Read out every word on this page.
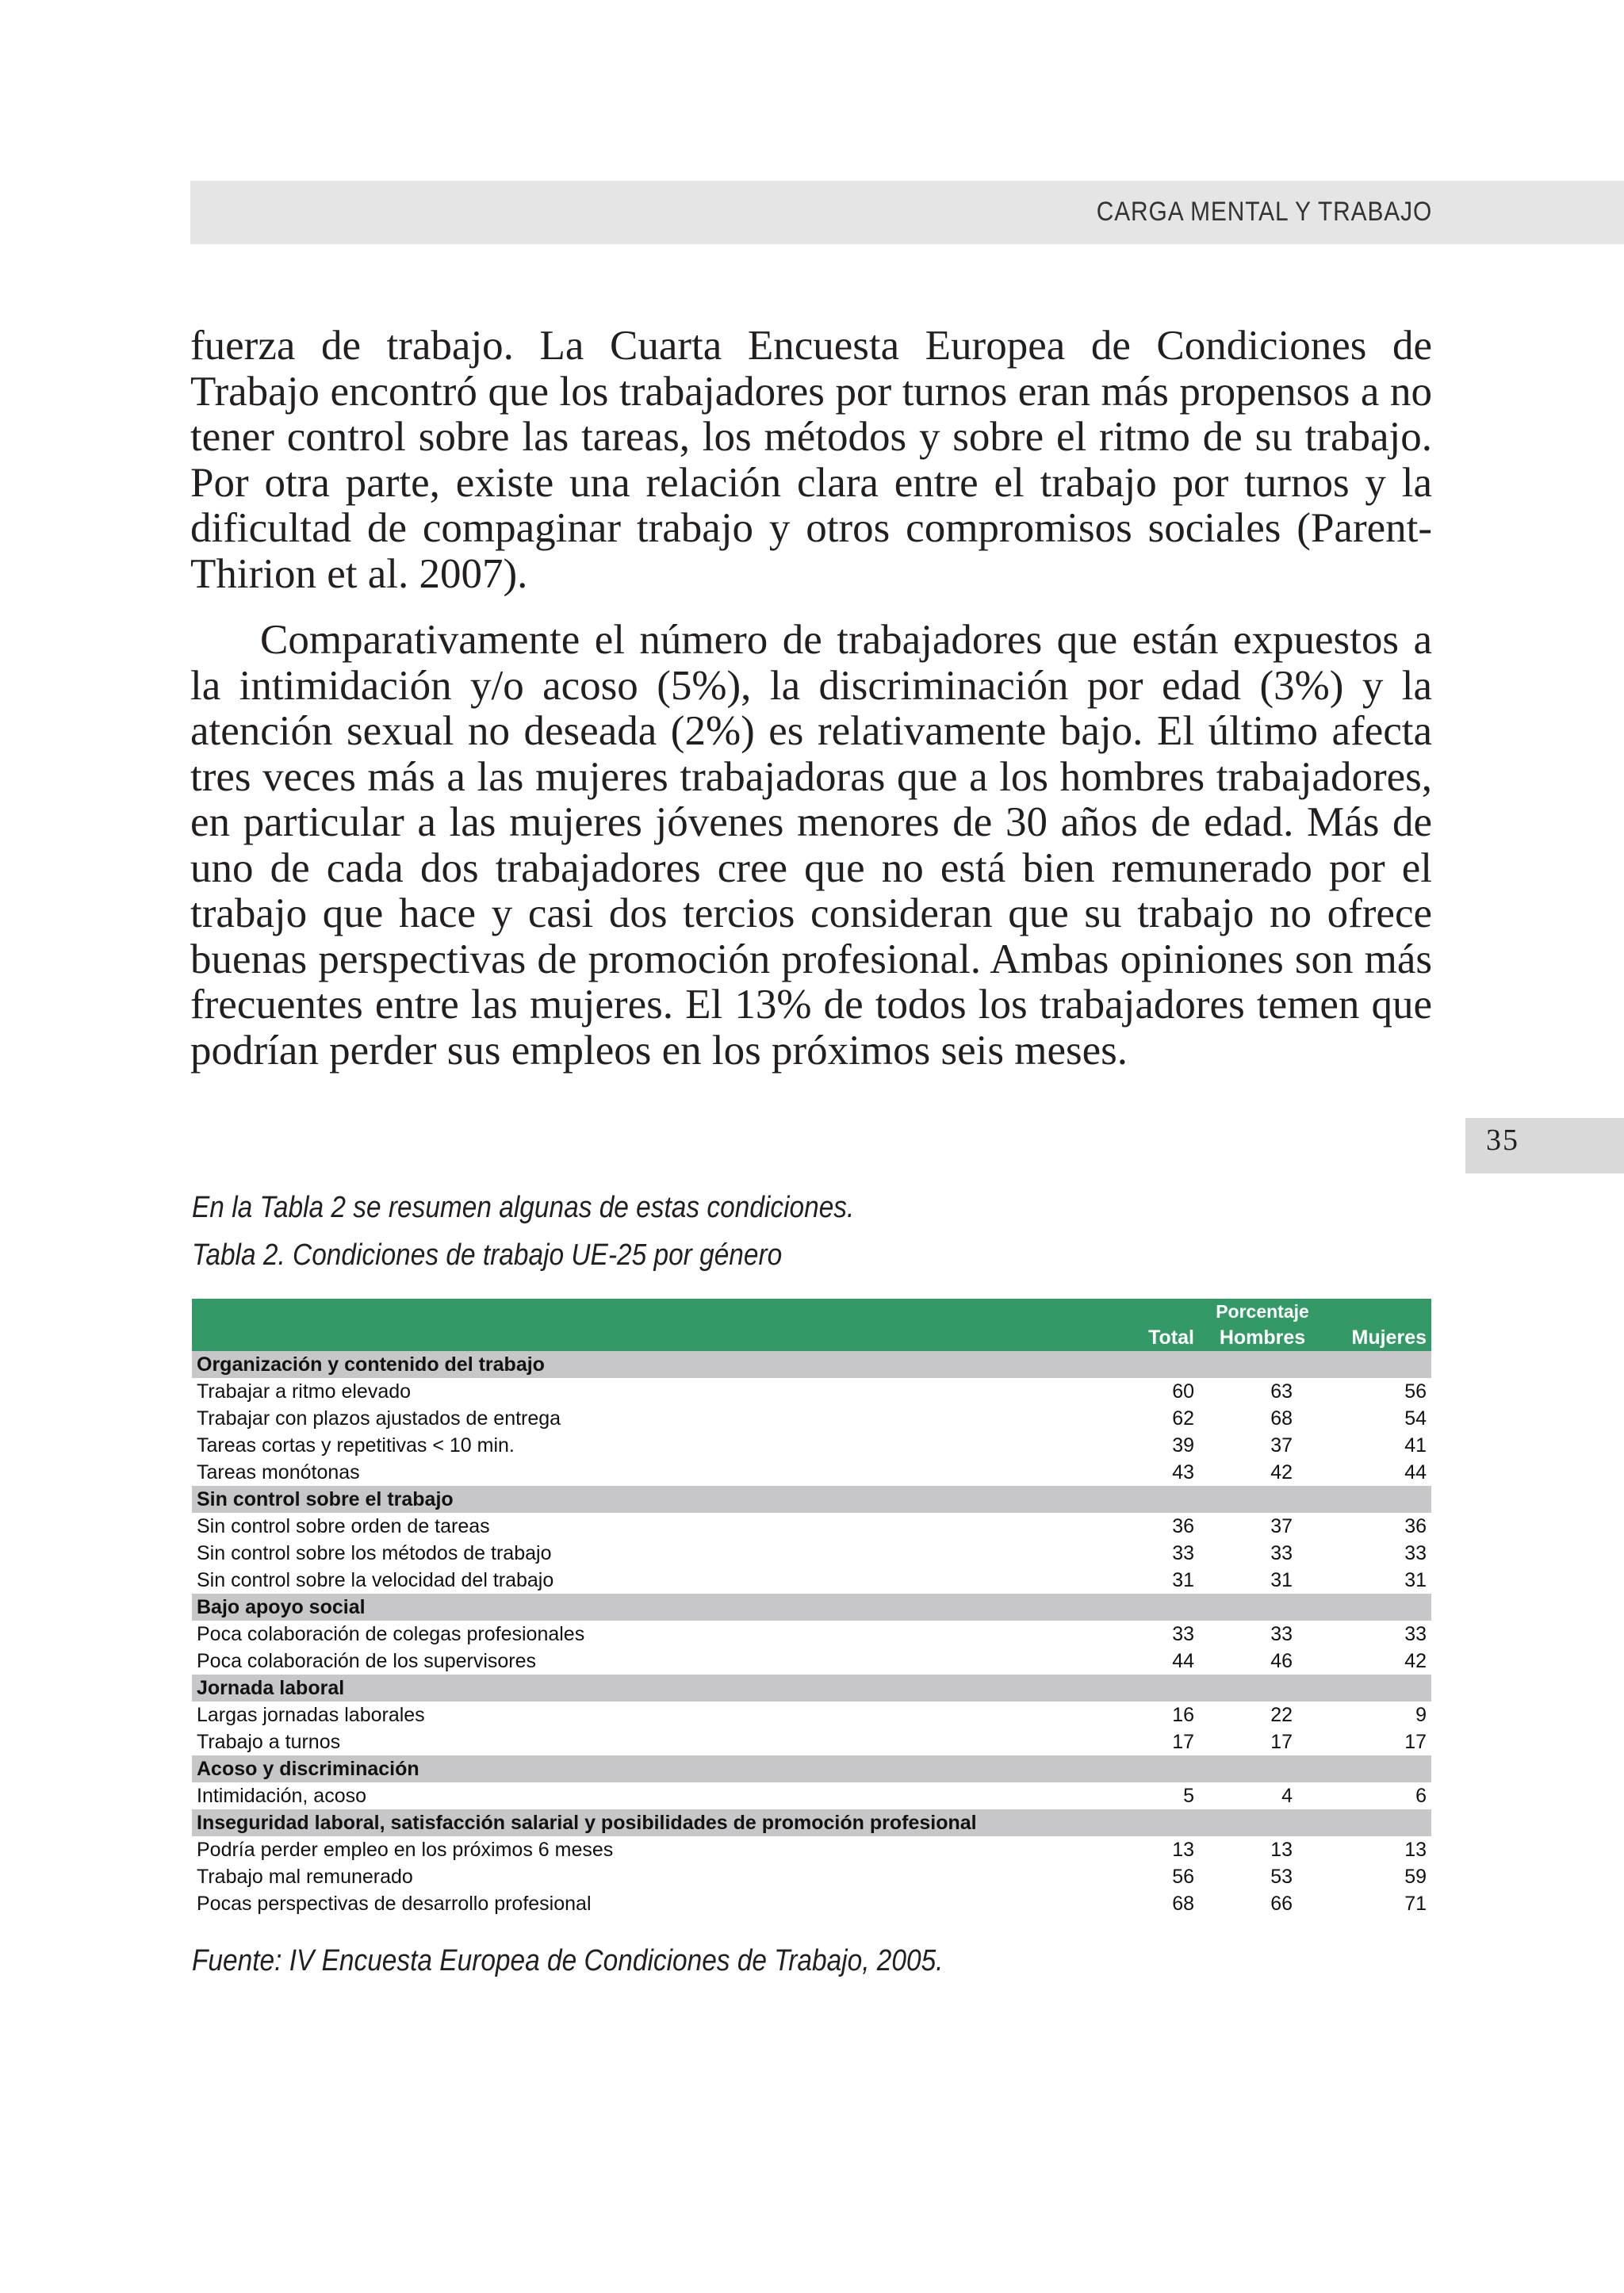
CARGA MENTAL Y TRABAJO

fuerza de trabajo. La Cuarta Encuesta Europea de Condiciones de Trabajo encontró que los trabajadores por turnos eran más propensos a no tener control sobre las tareas, los métodos y sobre el ritmo de su trabajo. Por otra parte, existe una relación clara entre el trabajo por turnos y la dificultad de compaginar trabajo y otros compromisos sociales (Parent-Thirion et al. 2007).

Comparativamente el número de trabajadores que están expuestos a la intimidación y/o acoso (5%), la discriminación por edad (3%) y la atención sexual no deseada (2%) es relativamente bajo. El último afecta tres veces más a las mujeres trabajadoras que a los hombres trabajadores, en particular a las mujeres jóvenes menores de 30 años de edad. Más de uno de cada dos trabajadores cree que no está bien remunerado por el trabajo que hace y casi dos tercios consideran que su trabajo no ofrece buenas perspectivas de promoción profesional. Ambas opiniones son más frecuentes entre las mujeres. El 13% de todos los trabajadores temen que podrían perder sus empleos en los próximos seis meses.

35
En la Tabla 2 se resumen algunas de estas condiciones.
Tabla 2. Condiciones de trabajo UE-25 por género
		Porcentaje	
	Total	Hombres	Mujeres
Organización y contenido del trabajo			
Trabajar a ritmo elevado	60	63	56
Trabajar con plazos ajustados de entrega	62	68	54
Tareas cortas y repetitivas < 10 min.	39	37	41
Tareas monótonas	43	42	44
Sin control sobre el trabajo			
Sin control sobre orden de tareas	36	37	36
Sin control sobre los métodos de trabajo	33	33	33
Sin control sobre la velocidad del trabajo	31	31	31
Bajo apoyo social			
Poca colaboración de colegas profesionales	33	33	33
Poca colaboración de los supervisores	44	46	42
Jornada laboral			
Largas jornadas laborales	16	22	9
Trabajo a turnos	17	17	17
Acoso y discriminación			
Intimidación, acoso	5	4	6
Inseguridad laboral, satisfacción salarial y posibilidades de promoción profesional			
Podría perder empleo en los próximos 6 meses	13	13	13
Trabajo mal remunerado	56	53	59
Pocas perspectivas de desarrollo profesional	68	66	71
Fuente: IV Encuesta Europea de Condiciones de Trabajo, 2005.
